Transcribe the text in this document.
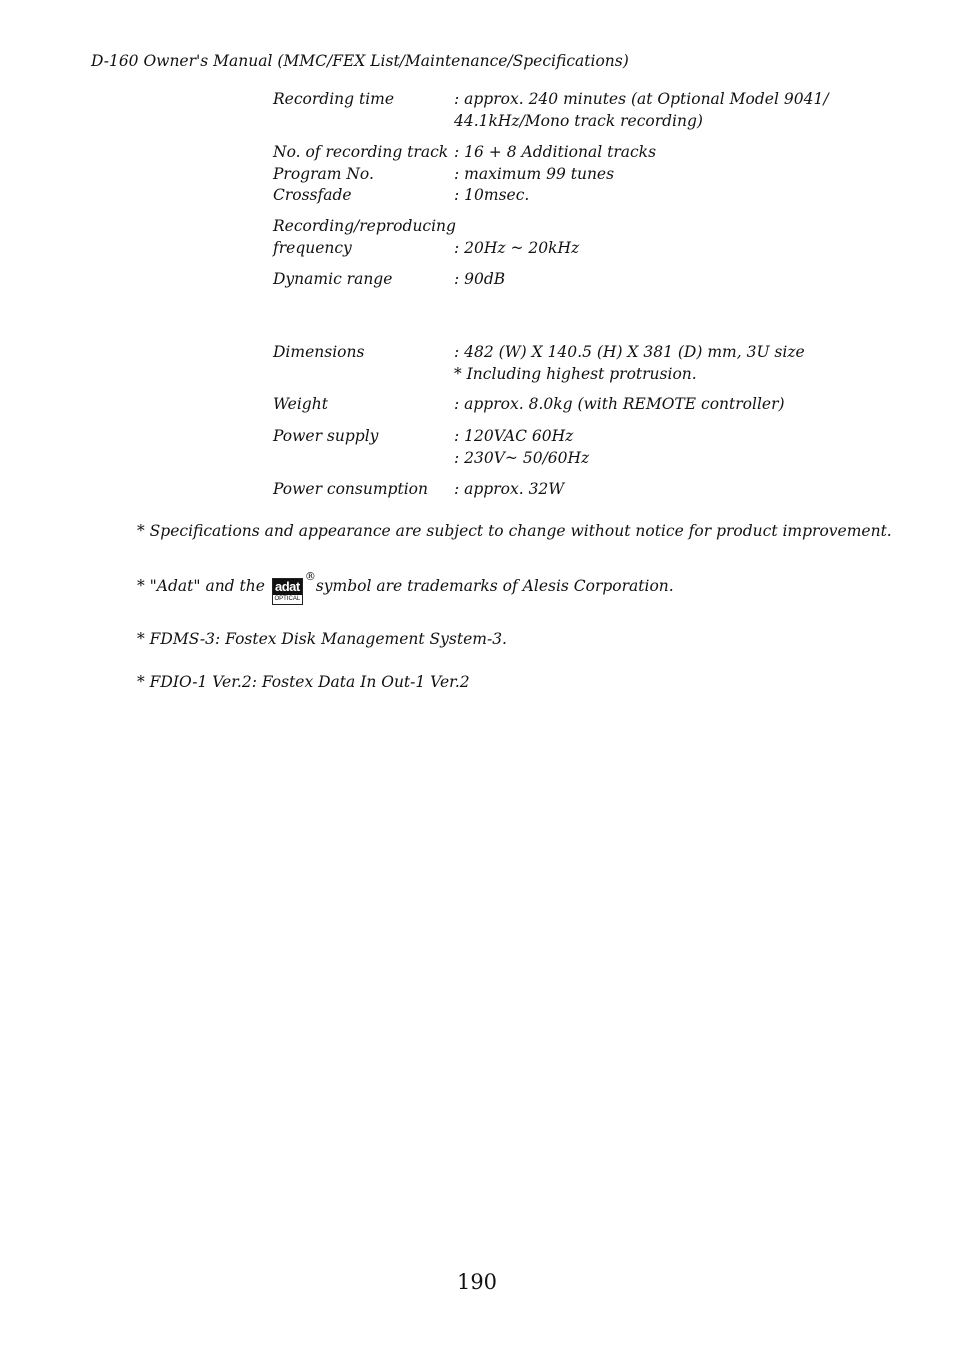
D-160 Owner's Manual (MMC/FEX List/Maintenance/Specifications)
Recording time	: approx. 240 minutes (at Optional Model 9041/
44.1kHz/Mono track recording)
No. of recording track : 16 + 8 Additional tracks
Program No.	: maximum 99 tunes
Crossfade	: 10msec.
Recording/reproducing
frequency	: 20Hz ~ 20kHz
Dynamic range	: 90dB
Dimensions	: 482 (W) X 140.5 (H) X 381 (D) mm, 3U size
* Including highest protrusion.
Weight	: approx. 8.0kg (with REMOTE controller)
Power supply	: 120VAC 60Hz
: 230V~ 50/60Hz
Power consumption : approx. 32W
* Specifications and appearance are subject to change without notice for product improvement.
* "Adat" and the adat
OPTICAL
®
symbol are trademarks of Alesis Corporation.
* FDMS-3: Fostex Disk Management System-3.
* FDIO-1 Ver.2: Fostex Data In Out-1 Ver.2
190
